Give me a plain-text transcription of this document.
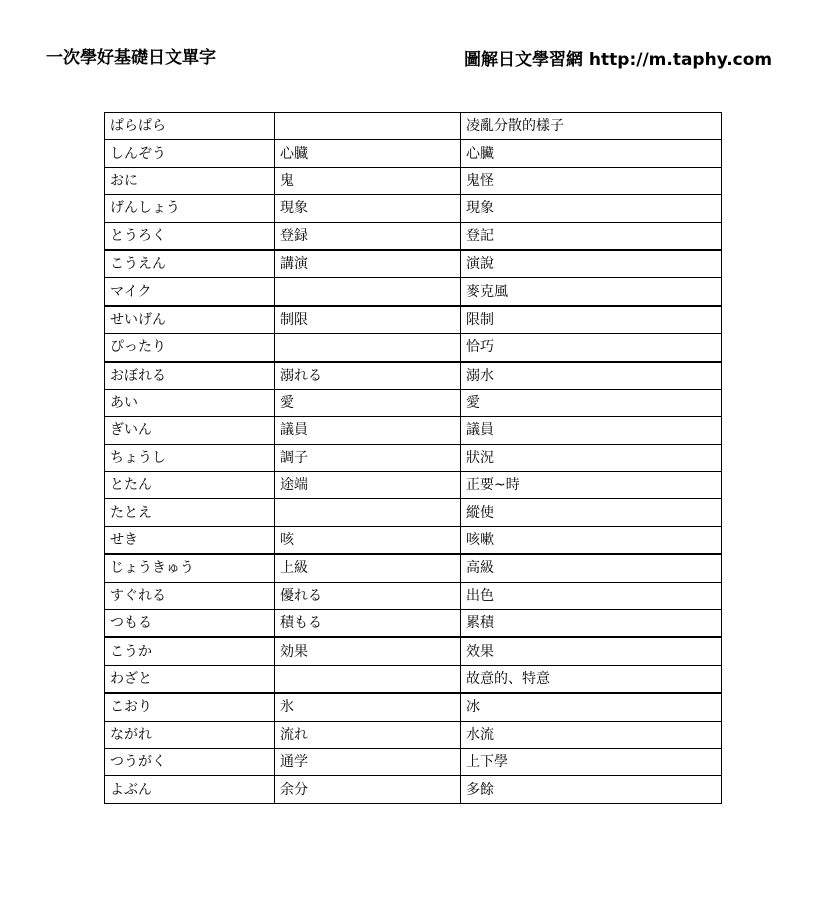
一次學好基礎日文單字	圖解日文學習網 http://m.taphy.com
ぱらぱら		凌亂分散的樣子
しんぞう	心臓	心臟
おに	鬼	鬼怪
げんしょう	現象	現象
とうろく	登録	登記
こうえん	講演	演說
マイク		麥克風
せいげん	制限	限制
ぴったり		恰巧
おぼれる	溺れる	溺水
あい	愛	愛
ぎいん	議員	議員
ちょうし	調子	狀況
とたん	途端	正要~時
たとえ		縱使
せき	咳	咳嗽
じょうきゅう	上級	高級
すぐれる	優れる	出色
つもる	積もる	累積
こうか	効果	效果
わざと		故意的、特意
こおり	氷	冰
ながれ	流れ	水流
つうがく	通学	上下學
よぶん	余分	多餘
